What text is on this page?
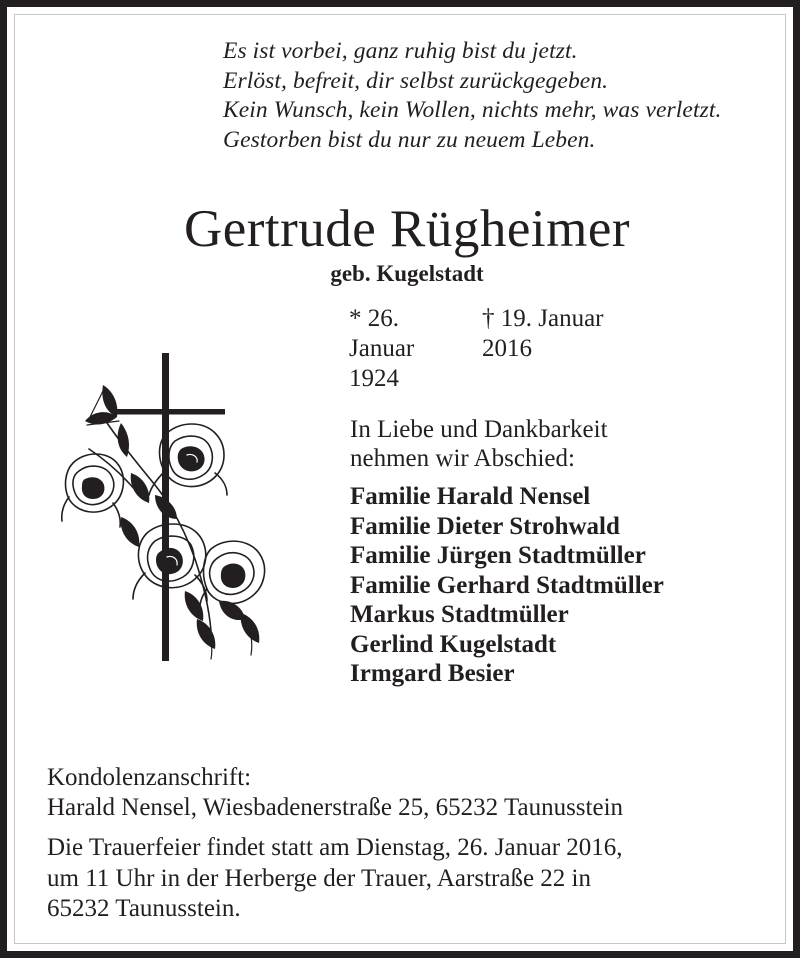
Es ist vorbei, ganz ruhig bist du jetzt.
Erlöst, befreit, dir selbst zurückgegeben.
Kein Wunsch, kein Wollen, nichts mehr, was verletzt.
Gestorben bist du nur zu neuem Leben.
Gertrude Rügheimer
geb. Kugelstadt
* 26. Januar 1924
† 19. Januar 2016
In Liebe und Dankbarkeit
nehmen wir Abschied:
Familie Harald Nensel
Familie Dieter Strohwald
Familie Jürgen Stadtmüller
Familie Gerhard Stadtmüller
Markus Stadtmüller
Gerlind Kugelstadt
Irmgard Besier
Kondolenzanschrift:
Harald Nensel, Wiesbadenerstraße 25, 65232 Taunusstein
Die Trauerfeier findet statt am Dienstag, 26. Januar 2016,
um 11 Uhr in der Herberge der Trauer, Aarstraße 22 in
65232 Taunusstein.
